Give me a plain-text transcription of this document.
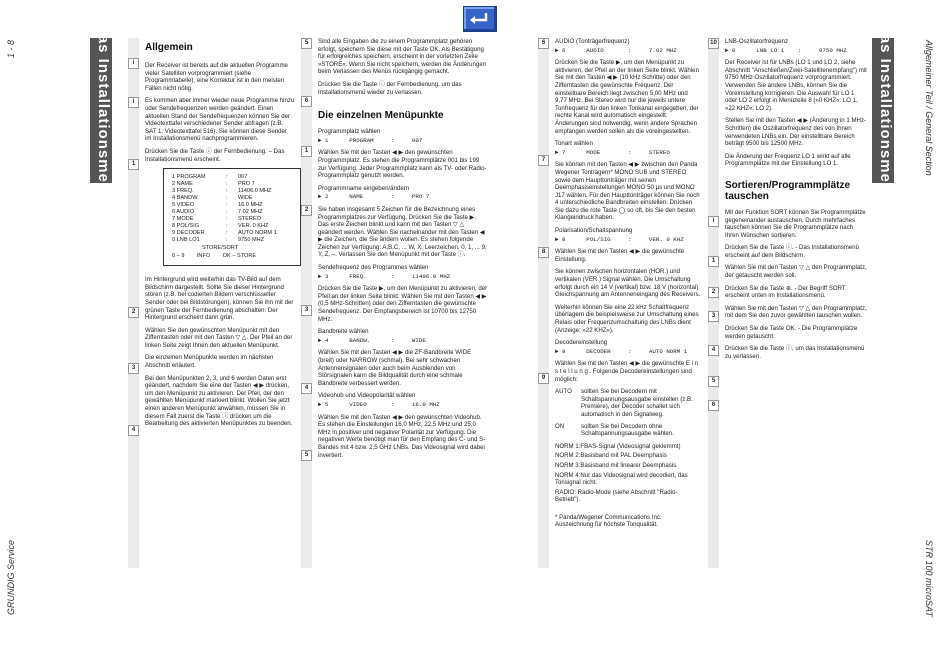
1 - 8
GRUNDIG Service
Allgemeiner Teil / General Section
STR 100 microSAT
Das Installationsmenü	Das Installationsmenü
i
i
1
2
3
4
Allgemein

Der Receiver ist bereits auf die aktuellen Programme vieler Satelliten vorprogrammiert (siehe Programmtabelle), eine Korrektur ist in den meisten Fällen nicht nötig.

Es kommen aber immer wieder neue Programme hinzu oder Sendefrequenzen werden geändert. Einen aktuellen Stand der Sendefrequenzen können Sie der Videotexttafel verschiedener Sender abfragen (z.B. SAT 1: Videotexttafel 516). Sie können diese Sender im Installationsmenü nachprogrammieren.

Drücken Sie die Taste ⓘ der Fernbedienung. – Das Installationsmenü erscheint.

1 PROGRAM	:	007
2 NAME	:	PRO 7
3 FREQ.	:	11406.0 MHZ
4 BANDW.	:	WIDE
5 VIDEO	:	16.0 MHZ
6 AUDIO	:	7.02 MHZ
7 MODE	:	STEREO
8 POL/SIG	:	VER. 0 KHZ
9 DECODER	:	AUTO NORM 1
0 LNB LO1	:	9750 MHZ
STORE/SORT
0 – 9        INFO        OK – STORE

Im Hintergrund wird weiterhin das TV-Bild auf dem Bildschirm dargestellt. Sollte Sie dieser Hintergrund stören (z.B. bei codierten Bildern verschlüsselter Sender oder bei Bildstörungen), können Sie ihn mit der grünen Taste der Fernbedienung abschalten. Der Hintergrund erscheint dann grün.

Wählen Sie den gewünschten Menüpunkt mit den Zifferntasten oder mit den Tasten ▽ △. Der Pfeil an der linken Seite zeigt Ihnen den aktuellen Menüpunkt.

Die einzelnen Menüpunkte werden im nächsten Abschnitt erläutert.

Bei den Menüpunkten 2, 3, und 6 werden Daten erst geändert, nachdem Sie eine der Tasten ◀ ▶ drücken, um den Menüpunkt zu aktivieren. Der Pfeil, der den gewählten Menüpunkt markiert blinkt. Wollen Sie jetzt einen anderen Menüpunkt anwählen, müssen Sie in diesem Fall zuerst die Taste ⓘ drücken um die Bearbeitung des aktivierten Menüpunktes zu beenden.

5
6
1
2
3
4
5

Sind alle Eingaben die zu einem Programmplatz gehören erfolgt, speichern Sie diese mit der Taste OK. Als Bestätigung für erfolgreiches speichern, erscheint in der vorletzten Zeile »STORE«. Wenn Sie nicht speichern, werden die Änderungen beim Verlassen des Menüs rückgängig gemacht.

Drücken Sie die Taste ⓘ der Fernbedienung, um das Installationsmenü wieder zu verlassen.

Die einzelnen Menüpunkte

Programmplatz wählen

► 1      PROGRAM     :     007

Wählen Sie mit den Tasten ◀ ▶ den gewünschten Programmplatz. Es stehen die Programmplätze 001 bis 199 zur Verfügung. Jeder Programmplatz kann als TV- oder Radio-Programmplatz genutzt werden.

Programmname eingeben/ändern

► 2      NAME        :     PRO 7

Sie haben insgesamt 5 Zeichen für die Bezeichnung eines Programmplatzes zur Verfügung. Drücken Sie die Taste ▶. Das erste Zeichen blinkt und kann mit den Tasten ▽ △ geändert werden. Wählen Sie nacheinander mit den Tasten ◀ ▶ die Zeichen, die Sie ändern wollen. Es stehen folgende Zeichen zur Verfügung: A,B,C, ... W, X, Leerzeichen, 0, 1, ... 9, Y, Z, –. Verlassen Sie den Menüpunkt mit der Taste ⓘ.

Sendefrequenz des Programmes wählen

► 3      FREQ.       :     11406.0 MHZ

Drücken Sie die Taste ▶, um den Menüpunkt zu aktivieren, der Pfeil an der linken Seite blinkt. Wählen Sie mit den Tasten ◀ ▶ (0,5 MHz-Schritten) oder den Zifferntasten die gewünschte Sendefrequenz. Der Empfangsbereich ist 10700 bis 12750 MHz.

Bandbreite wählen

► 4      BANDW.      :     WIDE

Wählen Sie mit den Tasten ◀ ▶ die ZF-Bandbreite WIDE (breit) oder NARROW (schmal). Bei sehr schwachen Antennensignalen oder auch beim Ausblenden von Störsignalen kann die Bildqualität durch eine schmale Bandbreite verbessert werden.

Videohub und Videopolarität wählen

► 5      VIDEO       :     16.0 MHZ

Wählen Sie mit den Tasten ◀ ▶ den gewünschten Videohub. Es stehen die Einstellungen 16,0 MHz, 22,5 MHz und 25,0 MHz in positiver und negativer Polarität zur Verfügung. Die negativen Werte benötigt man für den Empfang des C- und S-Bandes mit 4 bzw. 2,5 GHz LNBs. Das Videosignal wird dabei invertiert.

6
7
8
9

AUDIO (Tonträgerfrequenz)

► 6      AUDIO       :     7.02 MHZ

Drücken Sie die Taste ▶, um den Menüpunkt zu aktivieren, der Pfeil an der linken Seite blinkt. Wählen Sie mit den Tasten ◀ ▶ (10 kHz Schritte) oder den Zifferntasten die gewünschte Frequenz. Der einstellbare Bereich liegt zwischen 5,00 MHz und 9,77 MHz. Bei Stereo wird nur die jeweils untere Tonfrequenz für den linken Tonkanal eingegeben, der rechte Kanal wird automatisch eingestellt. Änderungen sind notwendig, wenn andere Sprachen empfangen werden sollen als die voreingestellten.

Tonart wählen

► 7      MODE        :     STEREO

Sie können mit den Tasten ◀ ▶ zwischen den Panda Wegener Tonträgern* MONO SUB und STEREO sowie dem Haupttonträger mit seinen Deemphasiseinstellungen MONO 50 µs und MONO J17 wählen. Für den Haupttonträger können Sie noch 4 unterschiedliche Bandbreiten einstellen. Drücken Sie dazu die rote Taste ◯ so oft, bis Sie den besten Klangeindruck haben.

Polarisation/Schaltspannung

► 8      POL/SIG     :     VER. 0 KHZ

Wählen Sie mit den Tasten ◀ ▶ die gewünschte Einstellung.

Sie können zwischen horizontalen (HOR.) und vertikalen (VER.) Signal wählen. Die Umschaltung erfolgt durch ein 14 V (vertikal) bzw. 18 V (horizontal) Gleichspannung am Antenneneingang des Receivers.

Weiterhin können Sie eine 22 kHz Schaltfrequenz überlagern die beispielsweise zur Umschaltung eines Relais oder Frequenzumschaltung des LNBs dient (Anzeige: »22 KHZ«).

Decodereinstellung

► 9      DECODER     :     AUTO NORM 1

Wählen Sie mit den Tasten ◀ ▶ die gewünschte E i n s t e l l u n g . Folgende Decodereinstellungen sind möglich:

AUTO	sollten Sie bei Decodern mit Schaltspannungsausgabe einstellen (z.B. Première), der Decoder schaltet sich automatisch in den Signalweg.
ON	sollten Sie bei Decodern ohne Schaltspannungsausgabe wählen.

NORM 1:FBAS-Signal (Videosignal geklemmt)

NORM 2:Basisband mit PAL Deemphasis

NORM 3:Basisband mit linearer Deemphasis

NORM 4:Nur das Videosignal wird decodiert, das Tonsignal nicht.

RADIO: Radio-Mode (siehe Abschnitt "Radio-Betrieb").

* Panda/Wegener Communications Inc. Auszeichnung für höchste Tonqualität.

10
i
1
2
3
4
5
6

LNB-Oszillatorfrequenz

► 0      LNB LO 1    :     9750 MHZ

Der Receiver ist für LNBs (LO 1 und LO 2, siehe Abschnitt "Anschließen/Zwei-Satellitenempfang") mit 9750 MHz Oszillatorfrequenz vorprogrammiert. Verwenden Sie andere LNBs, können Sie die Voreinstellung korrigieren. Die Auswahl für LO 1 oder LO 2 erfolgt in Menüzeile 8 (»0 KHZ«: LO 1, »22 KHZ«: LO 2).

Stellen Sie mit den Tasten ◀ ▶ (Änderung in 1 MHz-Schritten) die Oszillatorfrequenz des von Ihnen verwendeten LNBs ein. Der einstellbare Bereich beträgt 9500 bis 12500 MHz.

Die Änderung der Frequenz LO 1 wirkt auf alle Programmplätze mit der Einstellung LO 1.

Sortieren/Programmplätze tauschen

Mit der Funktion SORT können Sie Programmplätze gegeneinander austauschen. Durch mehrfaches tauschen können Sie die Programmplätze nach Ihren Wünschen sortieren.

Drücken Sie die Taste ⓘ. - Das Installationsmenü erscheint auf dem Bildschirm.

Wählen Sie mit den Tasten ▽ △ den Programmplatz, der getauscht werden soll.

Drücken Sie die Taste ⊕. - Der Begriff SORT erscheint unten im Installationsmenü.

Wählen Sie mit den Tasten ▽ △ den Programmplatz, mit dem Sie den zuvor gewählten tauschen wollen.

Drücken Sie die Taste OK. - Die Programmplätze werden getauscht.

Drücken Sie die Taste ⓘ, um das Installationsmenü zu verlassen.
